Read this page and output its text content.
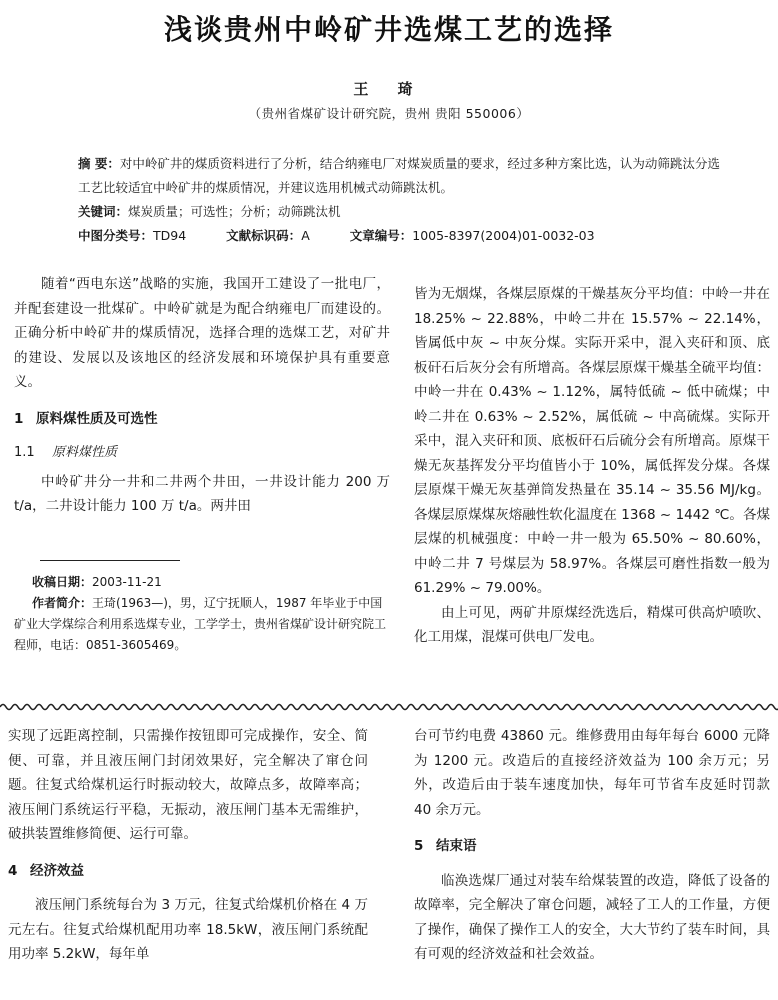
浅谈贵州中岭矿井选煤工艺的选择
王 琦
（贵州省煤矿设计研究院，贵州 贵阳 550006）

摘 要：对中岭矿井的煤质资料进行了分析，结合纳雍电厂对煤炭质量的要求，经过多种方案比选，认为动筛跳汰分选工艺比较适宜中岭矿井的煤质情况，并建议选用机械式动筛跳汰机。

关键词：煤炭质量；可选性；分析；动筛跳汰机

中图分类号：TD94	文献标识码：A	文章编号：1005-8397(2004)01-0032-03

随着“西电东送”战略的实施，我国开工建设了一批电厂，并配套建设一批煤矿。中岭矿就是为配合纳雍电厂而建设的。正确分析中岭矿井的煤质情况，选择合理的选煤工艺，对矿井的建设、发展以及该地区的经济发展和环境保护具有重要意义。

1 原料煤性质及可选性

1.1 原料煤性质

中岭矿井分一井和二井两个井田，一井设计能力 200 万 t/a，二井设计能力 100 万 t/a。两井田

收稿日期：2003-11-21

作者简介：王琦(1963—)，男，辽宁抚顺人，1987 年毕业于中国矿业大学煤综合利用系选煤专业，工学学士，贵州省煤矿设计研究院工程师，电话：0851-3605469。

皆为无烟煤，各煤层原煤的干燥基灰分平均值：中岭一井在 18.25% ~ 22.88%，中岭二井在 15.57% ~ 22.14%，皆属低中灰 ~ 中灰分煤。实际开采中，混入夹矸和顶、底板矸石后灰分会有所增高。各煤层原煤干燥基全硫平均值：中岭一井在 0.43% ~ 1.12%，属特低硫 ~ 低中硫煤；中岭二井在 0.63% ~ 2.52%，属低硫 ~ 中高硫煤。实际开采中，混入夹矸和顶、底板矸石后硫分会有所增高。原煤干燥无灰基挥发分平均值皆小于 10%，属低挥发分煤。各煤层原煤干燥无灰基弹筒发热量在 35.14 ~ 35.56 MJ/kg。各煤层原煤煤灰熔融性软化温度在 1368 ~ 1442 ℃。各煤层煤的机械强度：中岭一井一般为 65.50% ~ 80.60%，中岭二井 7 号煤层为 58.97%。各煤层可磨性指数一般为 61.29% ~ 79.00%。

由上可见，两矿井原煤经洗选后，精煤可供高炉喷吹、化工用煤，混煤可供电厂发电。

实现了远距离控制，只需操作按钮即可完成操作，安全、简便、可靠，并且液压闸门封闭效果好，完全解决了窜仓问题。往复式给煤机运行时振动较大，故障点多，故障率高；液压闸门系统运行平稳，无振动，液压闸门基本无需维护，破拱装置维修简便、运行可靠。

4 经济效益

液压闸门系统每台为 3 万元，往复式给煤机价格在 4 万元左右。往复式给煤机配用功率 18.5kW，液压闸门系统配用功率 5.2kW，每年单

台可节约电费 43860 元。维修费用由每年每台 6000 元降为 1200 元。改造后的直接经济效益为 100 余万元；另外，改造后由于装车速度加快，每年可节省车皮延时罚款 40 余万元。

5 结束语

临涣选煤厂通过对装车给煤装置的改造，降低了设备的故障率，完全解决了窜仓问题，减轻了工人的工作量，方便了操作，确保了操作工人的安全，大大节约了装车时间，具有可观的经济效益和社会效益。
